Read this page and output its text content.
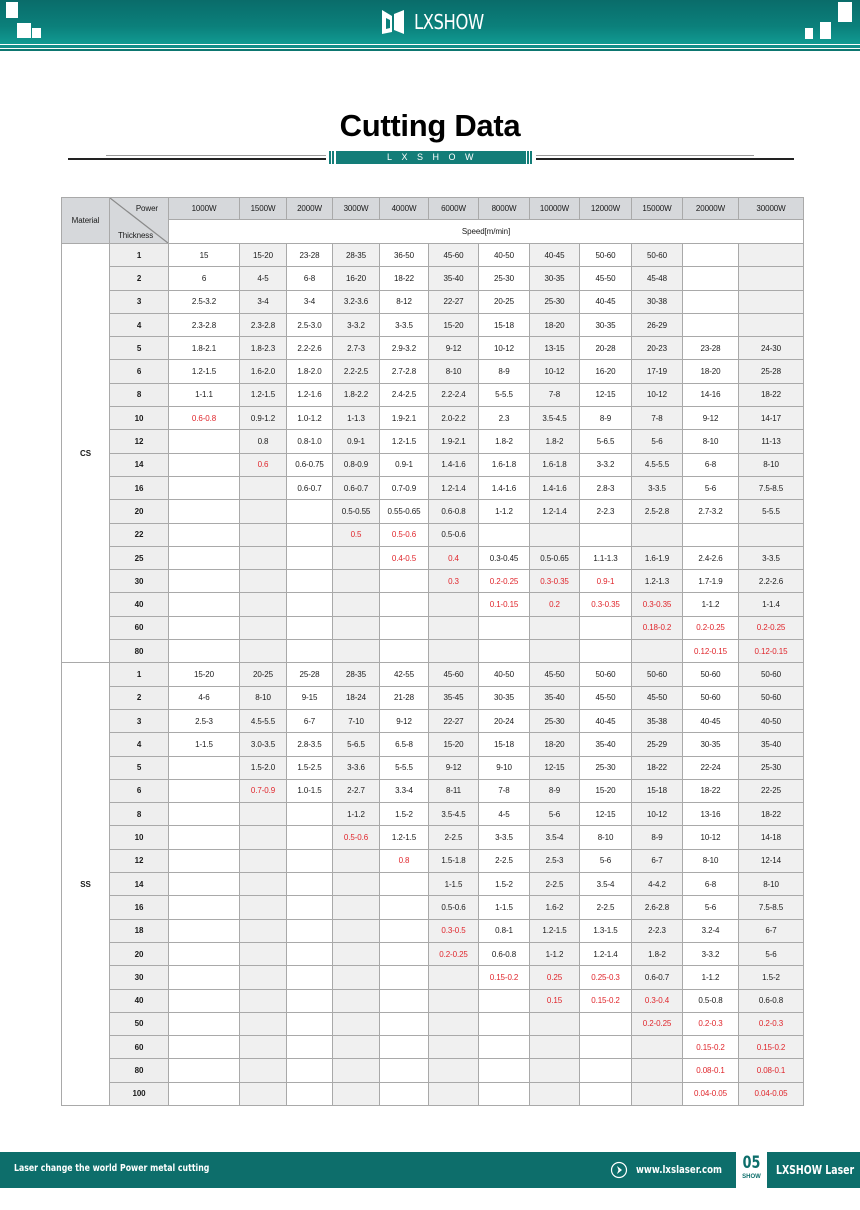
LXSHOW
Cutting Data
LXSHOW LASER
Material	Power
Thickness	1000W	1500W	2000W	3000W	4000W	6000W	8000W	10000W	12000W	15000W	20000W	30000W
		Speed[m/min]											
CS	1	15	15-20	23-28	28-35	36-50	45-60	40-50	40-45	50-60	50-60		
	2	6	4-5	6-8	16-20	18-22	35-40	25-30	30-35	45-50	45-48		
	3	2.5-3.2	3-4	3-4	3.2-3.6	8-12	22-27	20-25	25-30	40-45	30-38		
	4	2.3-2.8	2.3-2.8	2.5-3.0	3-3.2	3-3.5	15-20	15-18	18-20	30-35	26-29		
	5	1.8-2.1	1.8-2.3	2.2-2.6	2.7-3	2.9-3.2	9-12	10-12	13-15	20-28	20-23	23-28	24-30
	6	1.2-1.5	1.6-2.0	1.8-2.0	2.2-2.5	2.7-2.8	8-10	8-9	10-12	16-20	17-19	18-20	25-28
	8	1-1.1	1.2-1.5	1.2-1.6	1.8-2.2	2.4-2.5	2.2-2.4	5-5.5	7-8	12-15	10-12	14-16	18-22
	10	0.6-0.8	0.9-1.2	1.0-1.2	1-1.3	1.9-2.1	2.0-2.2	2.3	3.5-4.5	8-9	7-8	9-12	14-17
	12		0.8	0.8-1.0	0.9-1	1.2-1.5	1.9-2.1	1.8-2	1.8-2	5-6.5	5-6	8-10	11-13
	14		0.6	0.6-0.75	0.8-0.9	0.9-1	1.4-1.6	1.6-1.8	1.6-1.8	3-3.2	4.5-5.5	6-8	8-10
	16			0.6-0.7	0.6-0.7	0.7-0.9	1.2-1.4	1.4-1.6	1.4-1.6	2.8-3	3-3.5	5-6	7.5-8.5
	20				0.5-0.55	0.55-0.65	0.6-0.8	1-1.2	1.2-1.4	2-2.3	2.5-2.8	2.7-3.2	5-5.5
	22				0.5	0.5-0.6	0.5-0.6						
	25					0.4-0.5	0.4	0.3-0.45	0.5-0.65	1.1-1.3	1.6-1.9	2.4-2.6	3-3.5
	30						0.3	0.2-0.25	0.3-0.35	0.9-1	1.2-1.3	1.7-1.9	2.2-2.6
	40							0.1-0.15	0.2	0.3-0.35	0.3-0.35	1-1.2	1-1.4
	60										0.18-0.2	0.2-0.25	0.2-0.25
	80											0.12-0.15	0.12-0.15
SS	1	15-20	20-25	25-28	28-35	42-55	45-60	40-50	45-50	50-60	50-60	50-60	50-60
	2	4-6	8-10	9-15	18-24	21-28	35-45	30-35	35-40	45-50	45-50	50-60	50-60
	3	2.5-3	4.5-5.5	6-7	7-10	9-12	22-27	20-24	25-30	40-45	35-38	40-45	40-50
	4	1-1.5	3.0-3.5	2.8-3.5	5-6.5	6.5-8	15-20	15-18	18-20	35-40	25-29	30-35	35-40
	5		1.5-2.0	1.5-2.5	3-3.6	5-5.5	9-12	9-10	12-15	25-30	18-22	22-24	25-30
	6		0.7-0.9	1.0-1.5	2-2.7	3.3-4	8-11	7-8	8-9	15-20	15-18	18-22	22-25
	8				1-1.2	1.5-2	3.5-4.5	4-5	5-6	12-15	10-12	13-16	18-22
	10				0.5-0.6	1.2-1.5	2-2.5	3-3.5	3.5-4	8-10	8-9	10-12	14-18
	12					0.8	1.5-1.8	2-2.5	2.5-3	5-6	6-7	8-10	12-14
	14						1-1.5	1.5-2	2-2.5	3.5-4	4-4.2	6-8	8-10
	16						0.5-0.6	1-1.5	1.6-2	2-2.5	2.6-2.8	5-6	7.5-8.5
	18						0.3-0.5	0.8-1	1.2-1.5	1.3-1.5	2-2.3	3.2-4	6-7
	20						0.2-0.25	0.6-0.8	1-1.2	1.2-1.4	1.8-2	3-3.2	5-6
	30							0.15-0.2	0.25	0.25-0.3	0.6-0.7	1-1.2	1.5-2
	40								0.15	0.15-0.2	0.3-0.4	0.5-0.8	0.6-0.8
	50										0.2-0.25	0.2-0.3	0.2-0.3
	60											0.15-0.2	0.15-0.2
	80											0.08-0.1	0.08-0.1
	100											0.04-0.05	0.04-0.05
Laser change the world Power metal cutting	www.lxslaser.com	LXSHOW Laser
05
SHOW
